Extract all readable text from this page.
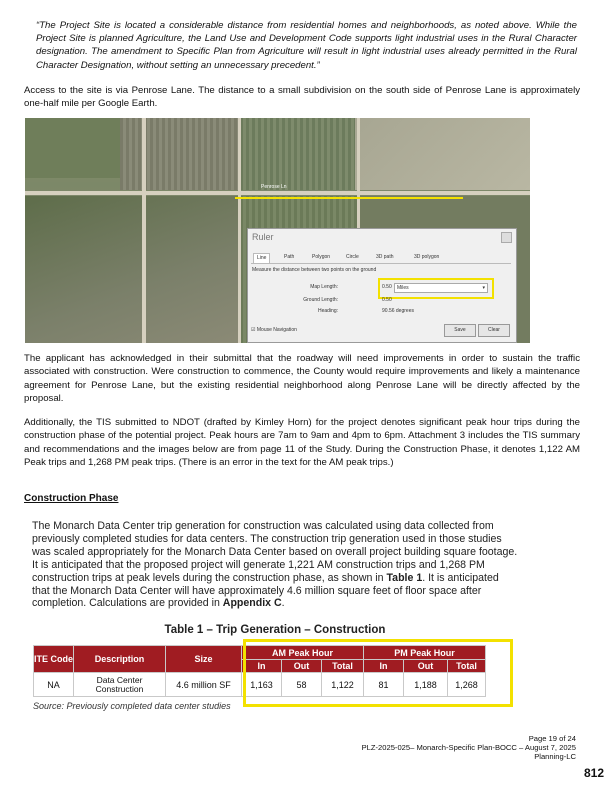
“The Project Site is located a considerable distance from residential homes and neighborhoods, as noted above. While the Project Site is planned Agriculture, the Land Use and Development Code supports light industrial uses in the Rural Character designation. The amendment to Specific Plan from Agriculture will result in light industrial uses already permitted in the Rural Character Designation, without setting an unnecessary precedent.”
Access to the site is via Penrose Lane. The distance to a small subdivision on the south side of Penrose Lane is approximately one-half mile per Google Earth.
Penrose Ln
Ruler
Line	Path	Polygon	Circle	3D path	3D polygon
Measure the distance between two points on the ground
Map Length:	0.50	Miles	▾
Ground Length:	0.50
Heading:	90.56 degrees
☑ Mouse Navigation	Save	Clear
The applicant has acknowledged in their submittal that the roadway will need improvements in order to sustain the traffic associated with construction. Were construction to commence, the County would require improvements and likely a maintenance agreement for Penrose Lane, but the existing residential neighborhood along Penrose Lane will be directly affected by the proposal.
Additionally, the TIS submitted to NDOT (drafted by Kimley Horn) for the project denotes significant peak hour trips during the construction phase of the potential project. Peak hours are 7am to 9am and 4pm to 6pm. Attachment 3 includes the TIS summary and recommendations and the images below are from page 11 of the Study. During the Construction Phase, it denotes 1,122 AM Peak trips and 1,268 PM peak trips. (There is an error in the text for the AM peak trips.)
Construction Phase
The Monarch Data Center trip generation for construction was calculated using data collected from previously completed studies for data centers. The construction trip generation used in those studies was scaled appropriately for the Monarch Data Center based on overall project building square footage. It is anticipated that the proposed project will generate 1,221 AM construction trips and 1,268 PM construction trips at peak levels during the construction phase, as shown in Table 1. It is anticipated that the Monarch Data Center will have approximately 4.6 million square feet of floor space after completion. Calculations are provided in Appendix C.
Table 1 – Trip Generation – Construction
ITE Code	Description	Size	AM Peak Hour			PM Peak Hour		
			In	Out	Total	In	Out	Total
NA	Data Center Construction	4.6 million SF	1,163	58	1,122	81	1,188	1,268
Source: Previously completed data center studies
Page 19 of 24
PLZ-2025-025– Monarch-Specific Plan-BOCC – August 7, 2025
Planning-LC
812
